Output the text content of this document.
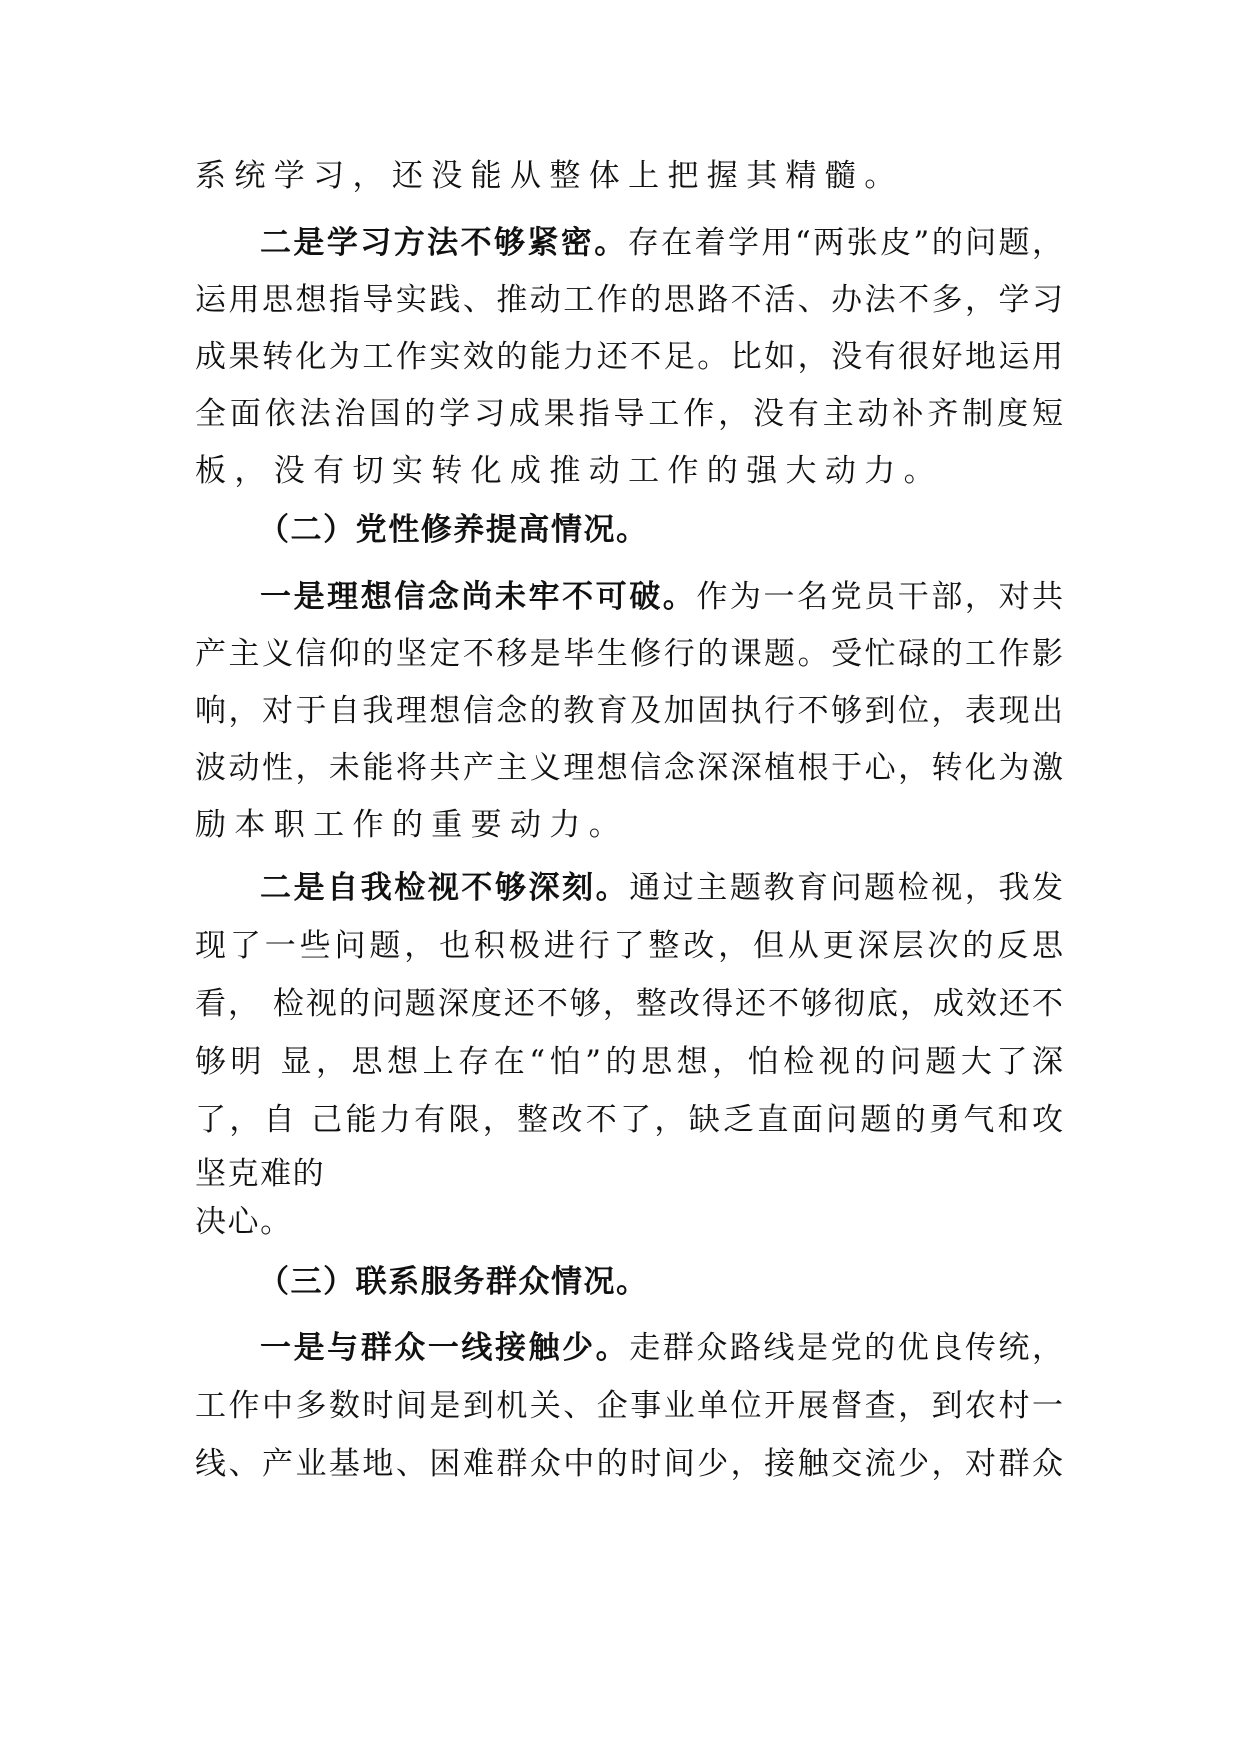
系统学习，还没能从整体上把握其精髓。
二是学习方法不够紧密。存在着学用“两张皮”的问题，
运用思想指导实践、推动工作的思路不活、办法不多，学习
成果转化为工作实效的能力还不足。比如，没有很好地运用
全面依法治国的学习成果指导工作，没有主动补齐制度短
板，没有切实转化成推动工作的强大动力。
（二）党性修养提高情况。
一是理想信念尚未牢不可破。作为一名党员干部，对共
产主义信仰的坚定不移是毕生修行的课题。受忙碌的工作影
响，对于自我理想信念的教育及加固执行不够到位，表现出
波动性，未能将共产主义理想信念深深植根于心，转化为激
励本职工作的重要动力。
二是自我检视不够深刻。通过主题教育问题检视，我发
现了一些问题，也积极进行了整改，但从更深层次的反思
看， 检视的问题深度还不够，整改得还不够彻底，成效还不
够明 显，思想上存在“怕”的思想，怕检视的问题大了深
了，自 己能力有限，整改不了，缺乏直面问题的勇气和攻
坚克难的
决心。
（三）联系服务群众情况。
一是与群众一线接触少。走群众路线是党的优良传统，
工作中多数时间是到机关、企事业单位开展督查，到农村一
线、产业基地、困难群众中的时间少，接触交流少，对群众
